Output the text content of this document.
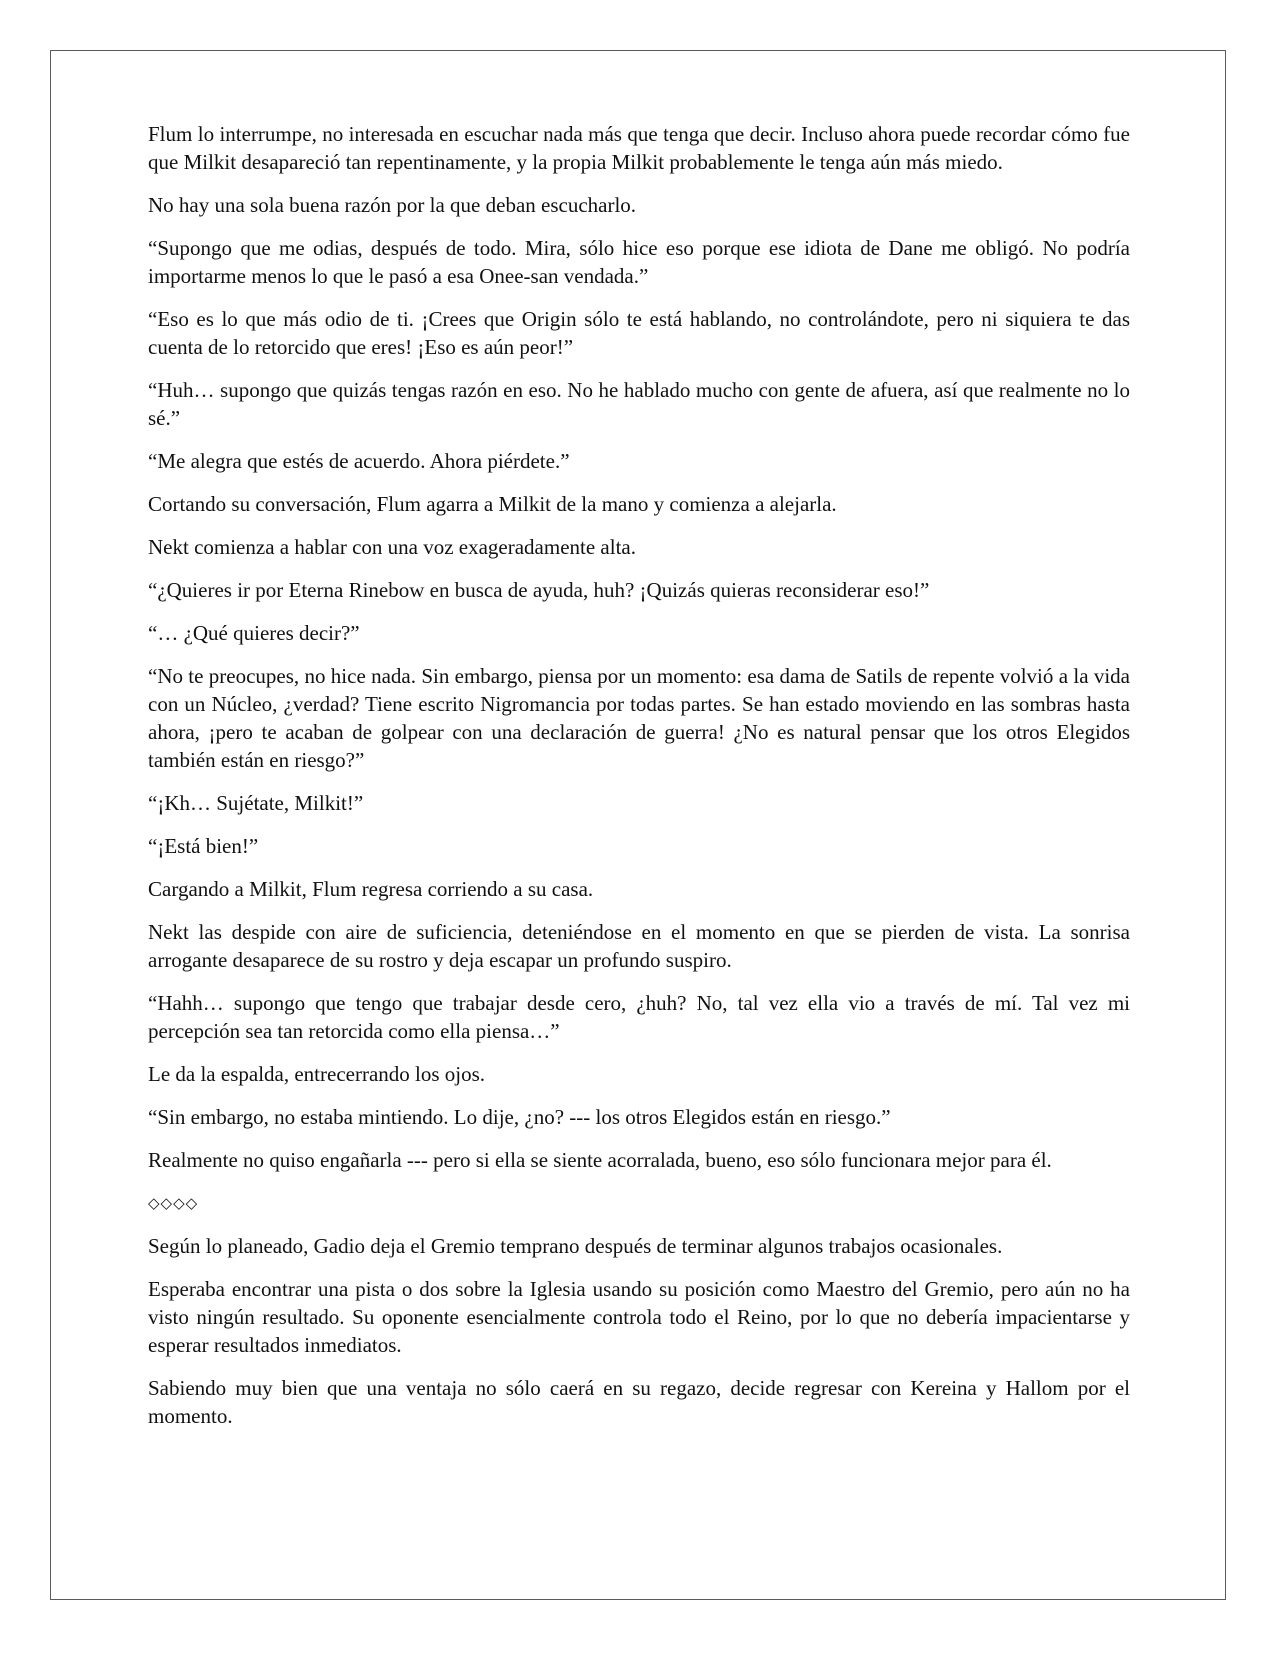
Flum lo interrumpe, no interesada en escuchar nada más que tenga que decir. Incluso ahora puede recordar cómo fue que Milkit desapareció tan repentinamente, y la propia Milkit probablemente le tenga aún más miedo.

No hay una sola buena razón por la que deban escucharlo.

“Supongo que me odias, después de todo. Mira, sólo hice eso porque ese idiota de Dane me obligó. No podría importarme menos lo que le pasó a esa Onee-san vendada.”

“Eso es lo que más odio de ti. ¡Crees que Origin sólo te está hablando, no controlándote, pero ni siquiera te das cuenta de lo retorcido que eres! ¡Eso es aún peor!”

“Huh… supongo que quizás tengas razón en eso. No he hablado mucho con gente de afuera, así que realmente no lo sé.”

“Me alegra que estés de acuerdo. Ahora piérdete.”

Cortando su conversación, Flum agarra a Milkit de la mano y comienza a alejarla.

Nekt comienza a hablar con una voz exageradamente alta.

“¿Quieres ir por Eterna Rinebow en busca de ayuda, huh? ¡Quizás quieras reconsiderar eso!”

“… ¿Qué quieres decir?”

“No te preocupes, no hice nada. Sin embargo, piensa por un momento: esa dama de Satils de repente volvió a la vida con un Núcleo, ¿verdad? Tiene escrito Nigromancia por todas partes. Se han estado moviendo en las sombras hasta ahora, ¡pero te acaban de golpear con una declaración de guerra! ¿No es natural pensar que los otros Elegidos también están en riesgo?”

“¡Kh… Sujétate, Milkit!”

“¡Está bien!”

Cargando a Milkit, Flum regresa corriendo a su casa.

Nekt las despide con aire de suficiencia, deteniéndose en el momento en que se pierden de vista. La sonrisa arrogante desaparece de su rostro y deja escapar un profundo suspiro.

“Hahh… supongo que tengo que trabajar desde cero, ¿huh? No, tal vez ella vio a través de mí. Tal vez mi percepción sea tan retorcida como ella piensa…”

Le da la espalda, entrecerrando los ojos.

“Sin embargo, no estaba mintiendo. Lo dije, ¿no? --- los otros Elegidos están en riesgo.”

Realmente no quiso engañarla --- pero si ella se siente acorralada, bueno, eso sólo funcionara mejor para él.

◇◇◇◇

Según lo planeado, Gadio deja el Gremio temprano después de terminar algunos trabajos ocasionales.

Esperaba encontrar una pista o dos sobre la Iglesia usando su posición como Maestro del Gremio, pero aún no ha visto ningún resultado. Su oponente esencialmente controla todo el Reino, por lo que no debería impacientarse y esperar resultados inmediatos.

Sabiendo muy bien que una ventaja no sólo caerá en su regazo, decide regresar con Kereina y Hallom por el momento.
